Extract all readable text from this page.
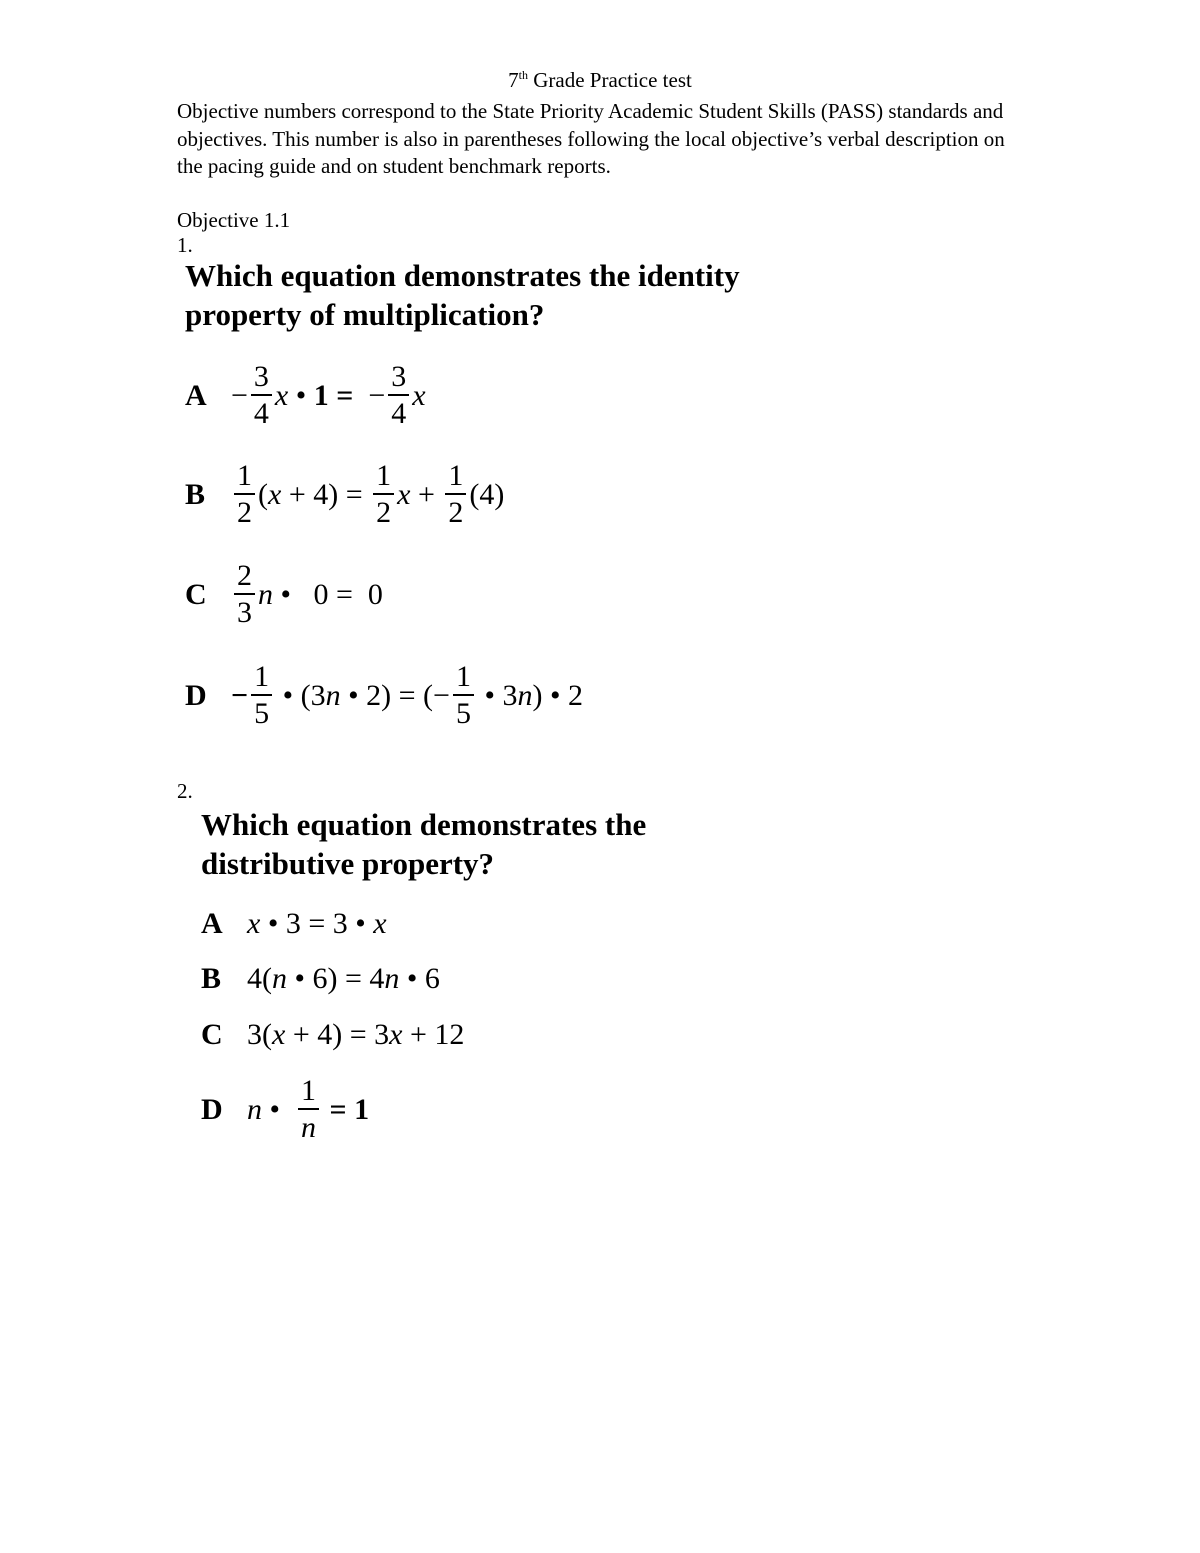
7th Grade Practice test

Objective numbers correspond to the State Priority Academic Student Skills (PASS) standards and objectives. This number is also in parentheses following the local objective’s verbal description on the pacing guide and on student benchmark reports.

Objective 1.1
1.

Which equation demonstrates the identity property of multiplication?

$A - \frac{3}{4}$ x • 1 = − $\frac{3}{4}$ x
B $\frac{1}{2}$ ( $x + 4) = \frac{1}{2}$ $x + \frac{1}{2} (4)$
C $\frac{2}{3}$ n •   0 =  0
$D - \frac{1}{5}$ • (3 n • 2) = (− $\frac{1}{5}$ • 3 n ) • 2
2.

Which equation demonstrates the distributive property?

A x • 3 = 3 • x
B 4( n • 6) = 4 n • 6
C 3( x + 4) = 3 x + 12
D n • $\frac{1}{n}$
= 1
